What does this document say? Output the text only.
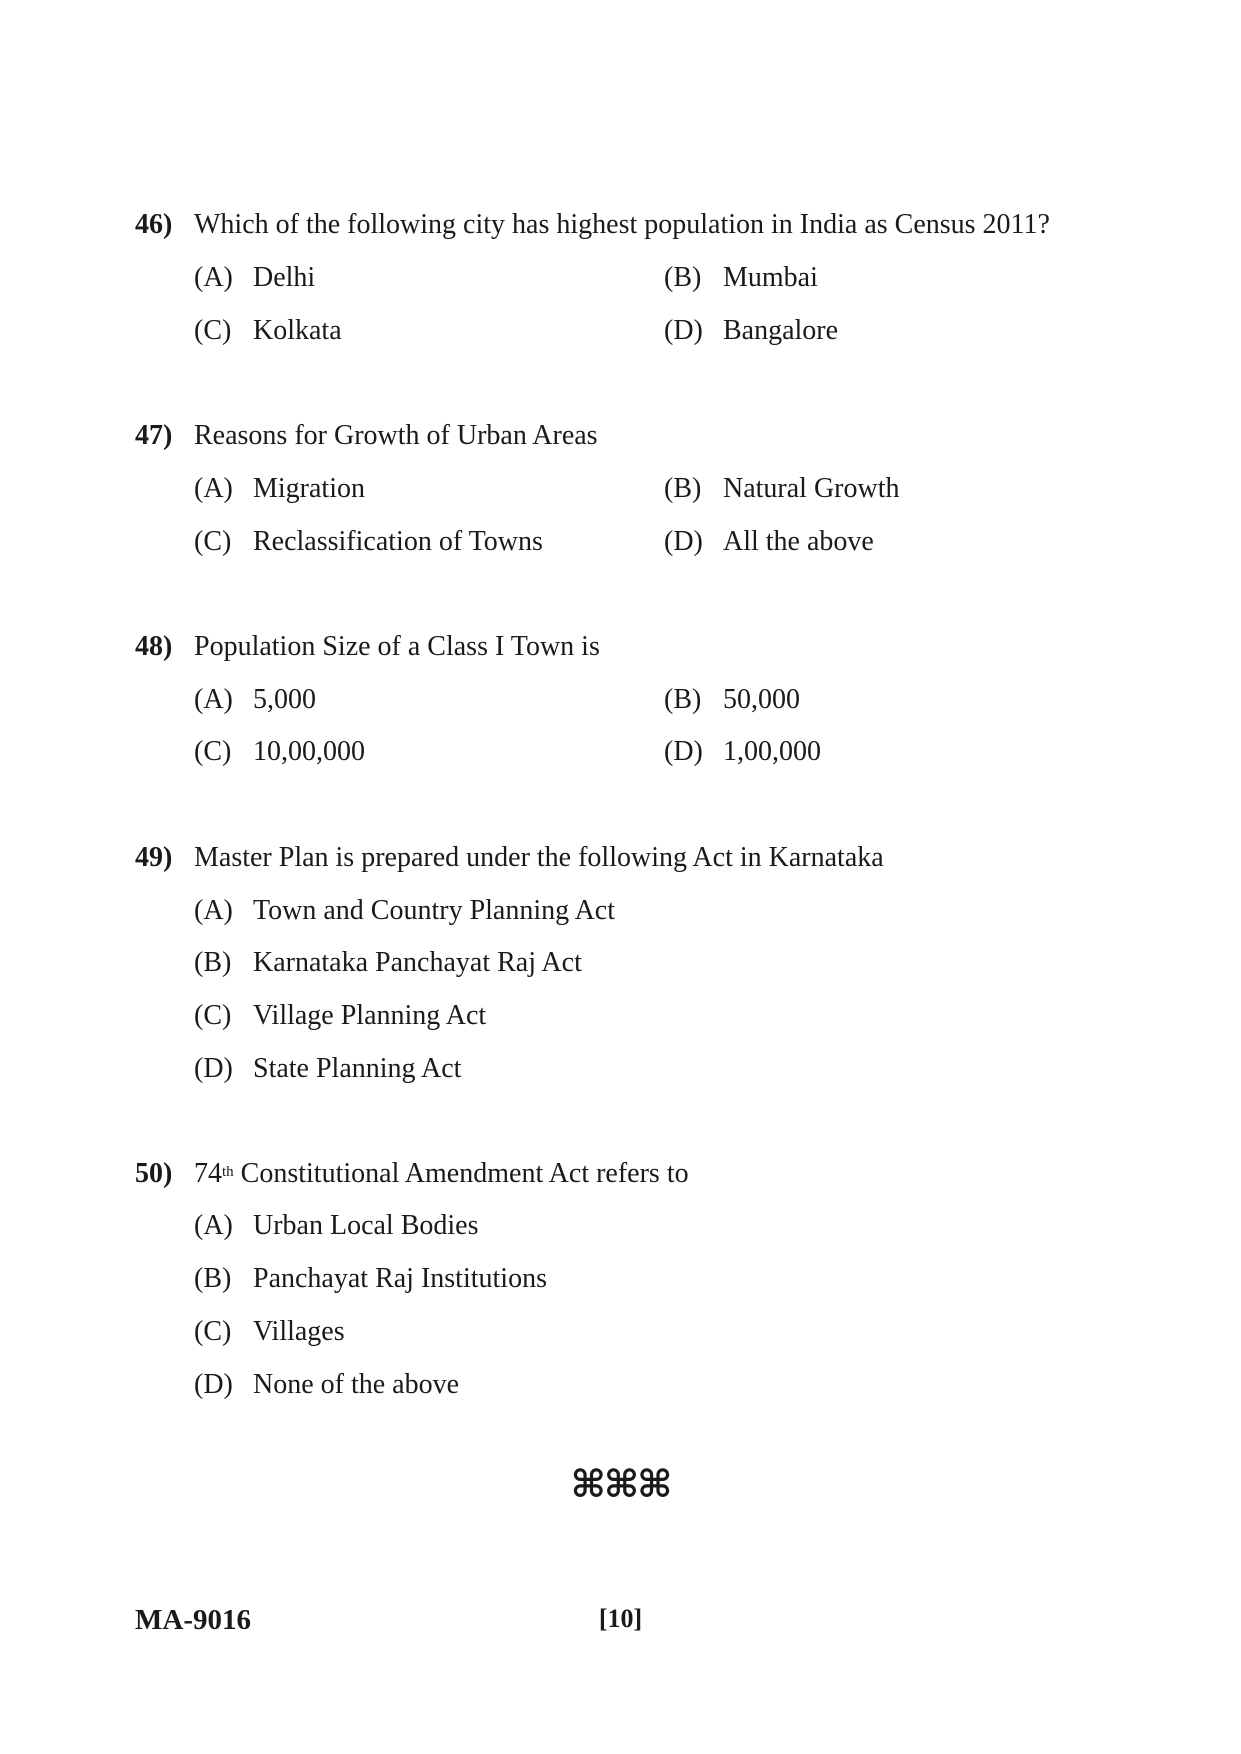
46) Which of the following city has highest population in India as Census 2011?
(A) Delhi	(B) Mumbai
(C) Kolkata	(D) Bangalore
47) Reasons for Growth of Urban Areas
(A) Migration	(B) Natural Growth
(C) Reclassification of Towns	(D) All the above
48) Population Size of a Class I Town is
(A) 5,000	(B) 50,000
(C) 10,00,000	(D) 1,00,000
49) Master Plan is prepared under the following Act in Karnataka
(A) Town and Country Planning Act
(B) Karnataka Panchayat Raj Act
(C) Village Planning Act
(D) State Planning Act
50) 74th Constitutional Amendment Act refers to
(A) Urban Local Bodies
(B) Panchayat Raj Institutions
(C) Villages
(D) None of the above
⌘⌘⌘
MA-9016	[10]
